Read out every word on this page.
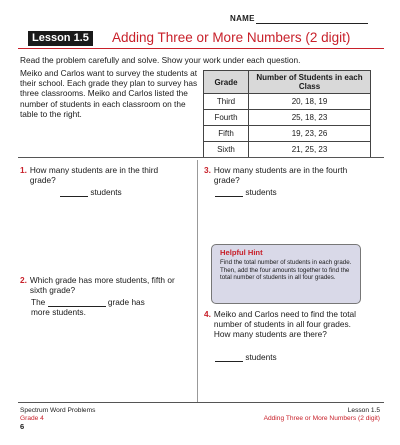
NAME
Lesson 1.5 Adding Three or More Numbers (2 digit)
Read the problem carefully and solve. Show your work under each question.
Meiko and Carlos want to survey the students at their school. Each grade they plan to survey has three classrooms. Meiko and Carlos listed the number of students in each classroom on the table to the right.
Grade	Number of Students in each Class
Third	20, 18, 19
Fourth	25, 18, 23
Fifth	19, 23, 26
Sixth	21, 25, 23
1. How many students are in the third grade?
students
3. How many students are in the fourth grade?
students
Helpful Hint
Find the total number of students in each grade. Then, add the four amounts together to find the total number of students in all four grades.
2. Which grade has more students, fifth or sixth grade?
The	grade has
more students.	4. Meiko and Carlos need to find the total number of students in all four grades. How many students are there?
students
Spectrum Word Problems
Grade 4
6
Lesson 1.5
Adding Three or More Numbers (2 digit)
